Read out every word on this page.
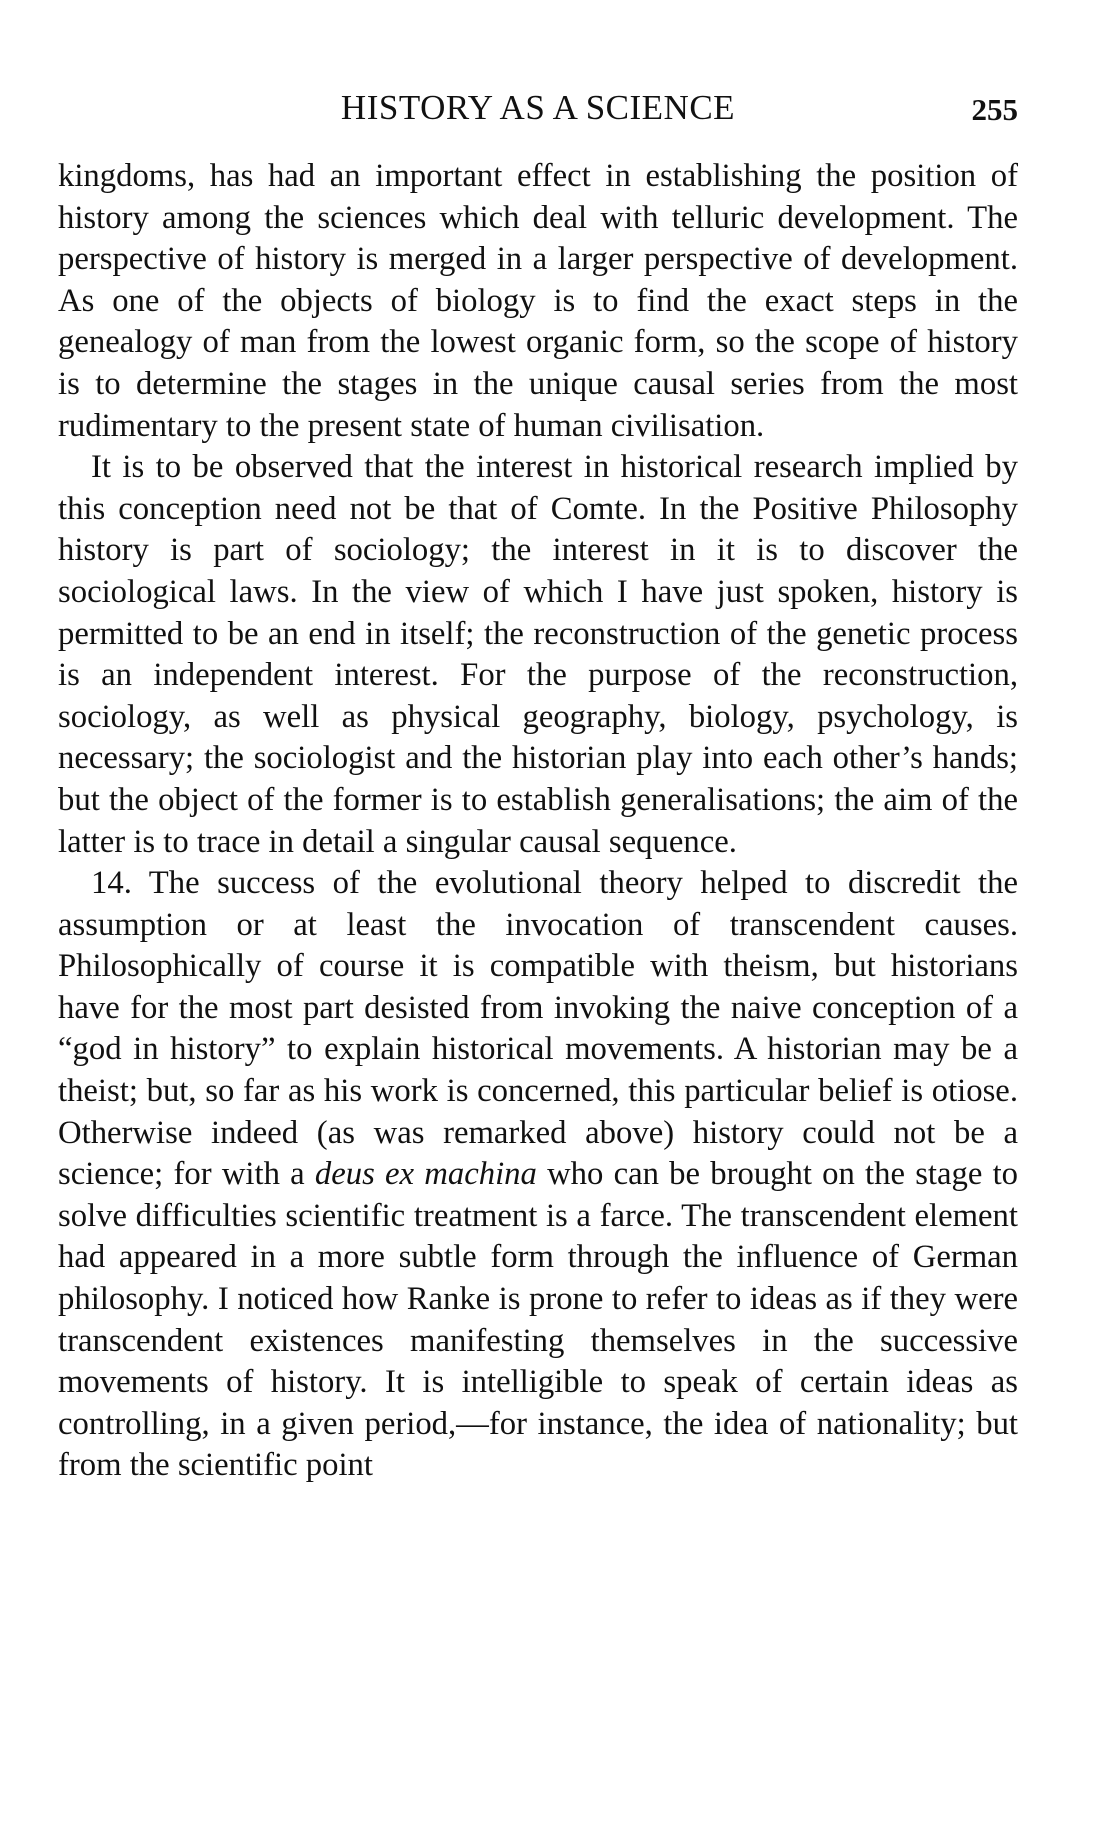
HISTORY AS A SCIENCE	255

kingdoms, has had an important effect in establishing the position of history among the sciences which deal with telluric development. The perspective of history is merged in a larger perspective of development. As one of the objects of biology is to find the exact steps in the genealogy of man from the lowest organic form, so the scope of history is to determine the stages in the unique causal series from the most rudimentary to the present state of human civilisation.

It is to be observed that the interest in historical research implied by this conception need not be that of Comte. In the Positive Philosophy history is part of sociology; the interest in it is to discover the sociological laws. In the view of which I have just spoken, history is permitted to be an end in itself; the reconstruction of the genetic process is an independent interest. For the purpose of the reconstruction, sociology, as well as physical geography, biology, psychology, is necessary; the sociologist and the historian play into each other’s hands; but the object of the former is to establish generalisations; the aim of the latter is to trace in detail a singular causal sequence.

14. The success of the evolutional theory helped to discredit the assumption or at least the invocation of transcendent causes. Philosophically of course it is compatible with theism, but historians have for the most part desisted from invoking the naive conception of a “god in history” to explain historical movements. A historian may be a theist; but, so far as his work is concerned, this particular belief is otiose. Otherwise indeed (as was remarked above) history could not be a science; for with a deus ex machina who can be brought on the stage to solve difficulties scientific treatment is a farce. The transcendent element had appeared in a more subtle form through the influence of German philosophy. I noticed how Ranke is prone to refer to ideas as if they were transcendent existences manifesting themselves in the successive movements of history. It is intelligible to speak of certain ideas as controlling, in a given period,—for instance, the idea of nationality; but from the scientific point
